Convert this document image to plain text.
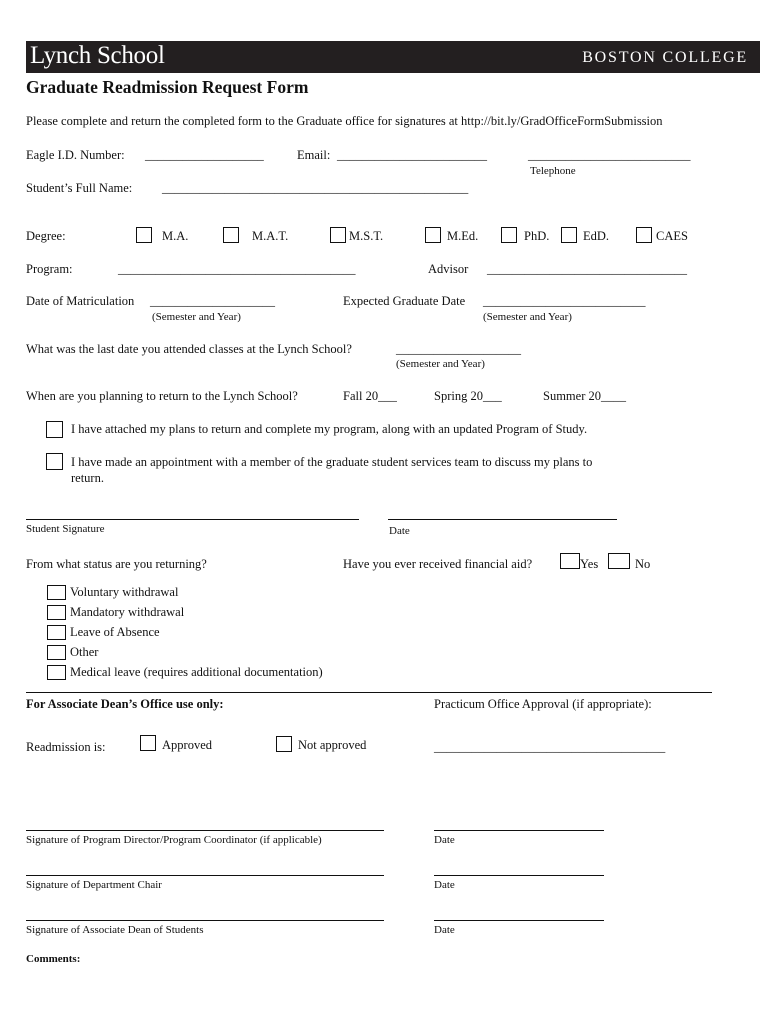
Lynch School	BOSTON COLLEGE
Graduate Readmission Request Form
Please complete and return the completed form to the Graduate office for signatures at http://bit.ly/GradOfficeFormSubmission
Eagle I.D. Number: ___________________	Email: ________________________	__________________________
Telephone
Student’s Full Name: _________________________________________________
Degree:	M.A.	M.A.T.	M.S.T.	M.Ed.	PhD.	EdD.	CAES
Program:	______________________________________	Advisor ________________________________
Date of Matriculation ____________________
(Semester and Year)
Expected Graduate Date __________________________
(Semester and Year)
What was the last date you attended classes at the Lynch School?	____________________
(Semester and Year)
When are you planning to return to the Lynch School?	Fall 20___	Spring 20___	Summer 20____
I have attached my plans to return and complete my program, along with an updated Program of Study.
I have made an appointment with a member of the graduate student services team to discuss my plans to
return.
Student Signature	Date
From what status are you returning?	Have you ever received financial aid?	Yes	No
Voluntary withdrawal
Mandatory withdrawal
Leave of Absence
Other
Medical leave (requires additional documentation)
For Associate Dean’s Office use only:	Practicum Office Approval (if appropriate):
Readmission is:	Approved	Not approved	_____________________________________
Signature of Program Director/Program Coordinator (if applicable)	Date
Signature of Department Chair	Date
Signature of Associate Dean of Students	Date
Comments:
